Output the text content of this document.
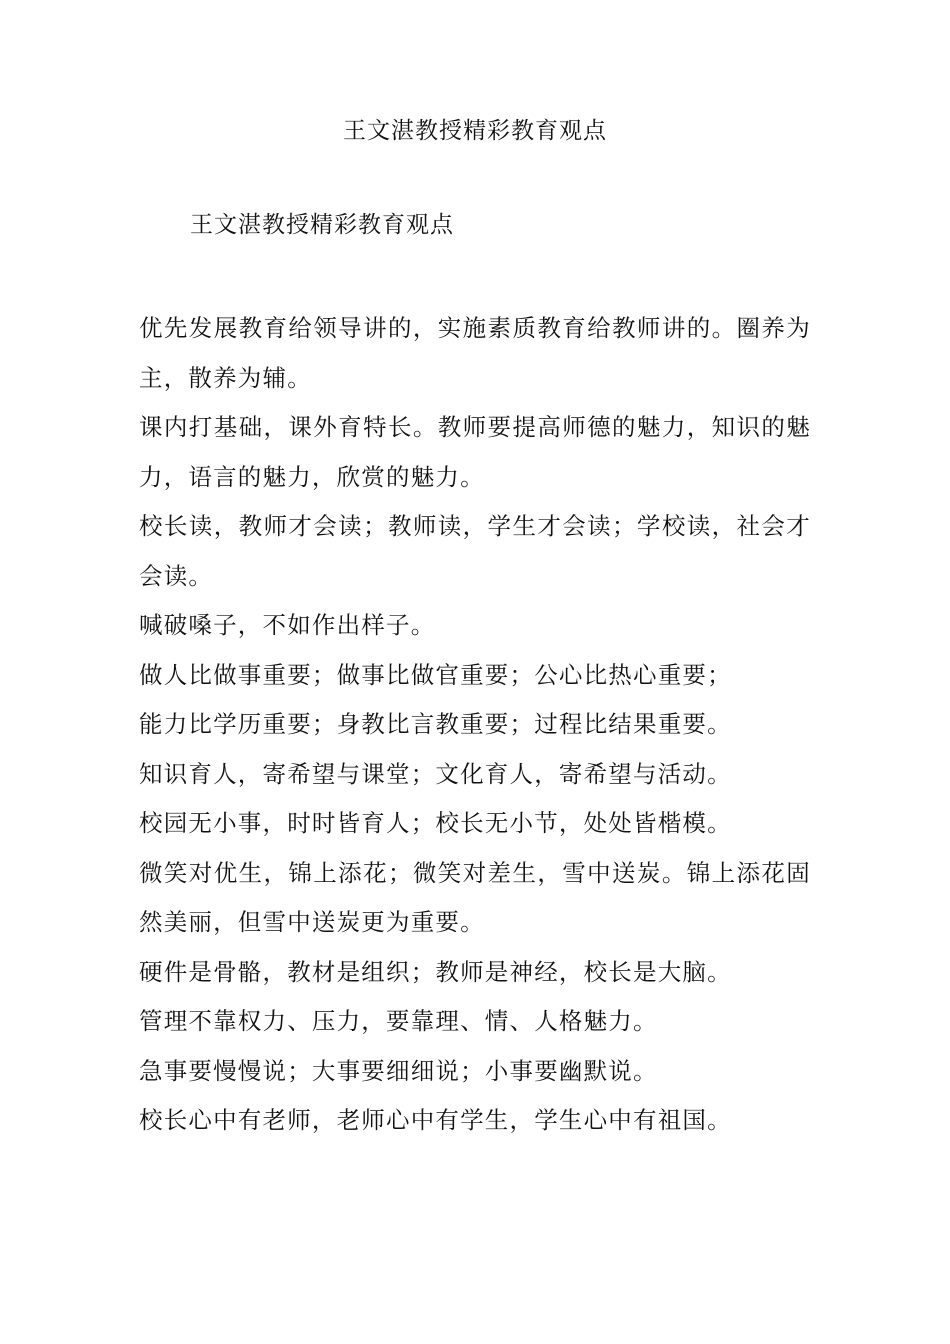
王文湛教授精彩教育观点
王文湛教授精彩教育观点

优先发展教育给领导讲的，实施素质教育给教师讲的。圈养为主，散养为辅。

课内打基础，课外育特长。教师要提高师德的魅力，知识的魅力，语言的魅力，欣赏的魅力。

校长读，教师才会读；教师读，学生才会读；学校读，社会才会读。

喊破嗓子，不如作出样子。

做人比做事重要；做事比做官重要；公心比热心重要；

能力比学历重要；身教比言教重要；过程比结果重要。

知识育人，寄希望与课堂；文化育人，寄希望与活动。

校园无小事，时时皆育人；校长无小节，处处皆楷模。

微笑对优生，锦上添花；微笑对差生，雪中送炭。锦上添花固然美丽，但雪中送炭更为重要。

硬件是骨骼，教材是组织；教师是神经，校长是大脑。

管理不靠权力、压力，要靠理、情、人格魅力。

急事要慢慢说；大事要细细说；小事要幽默说。

校长心中有老师，老师心中有学生，学生心中有祖国。
